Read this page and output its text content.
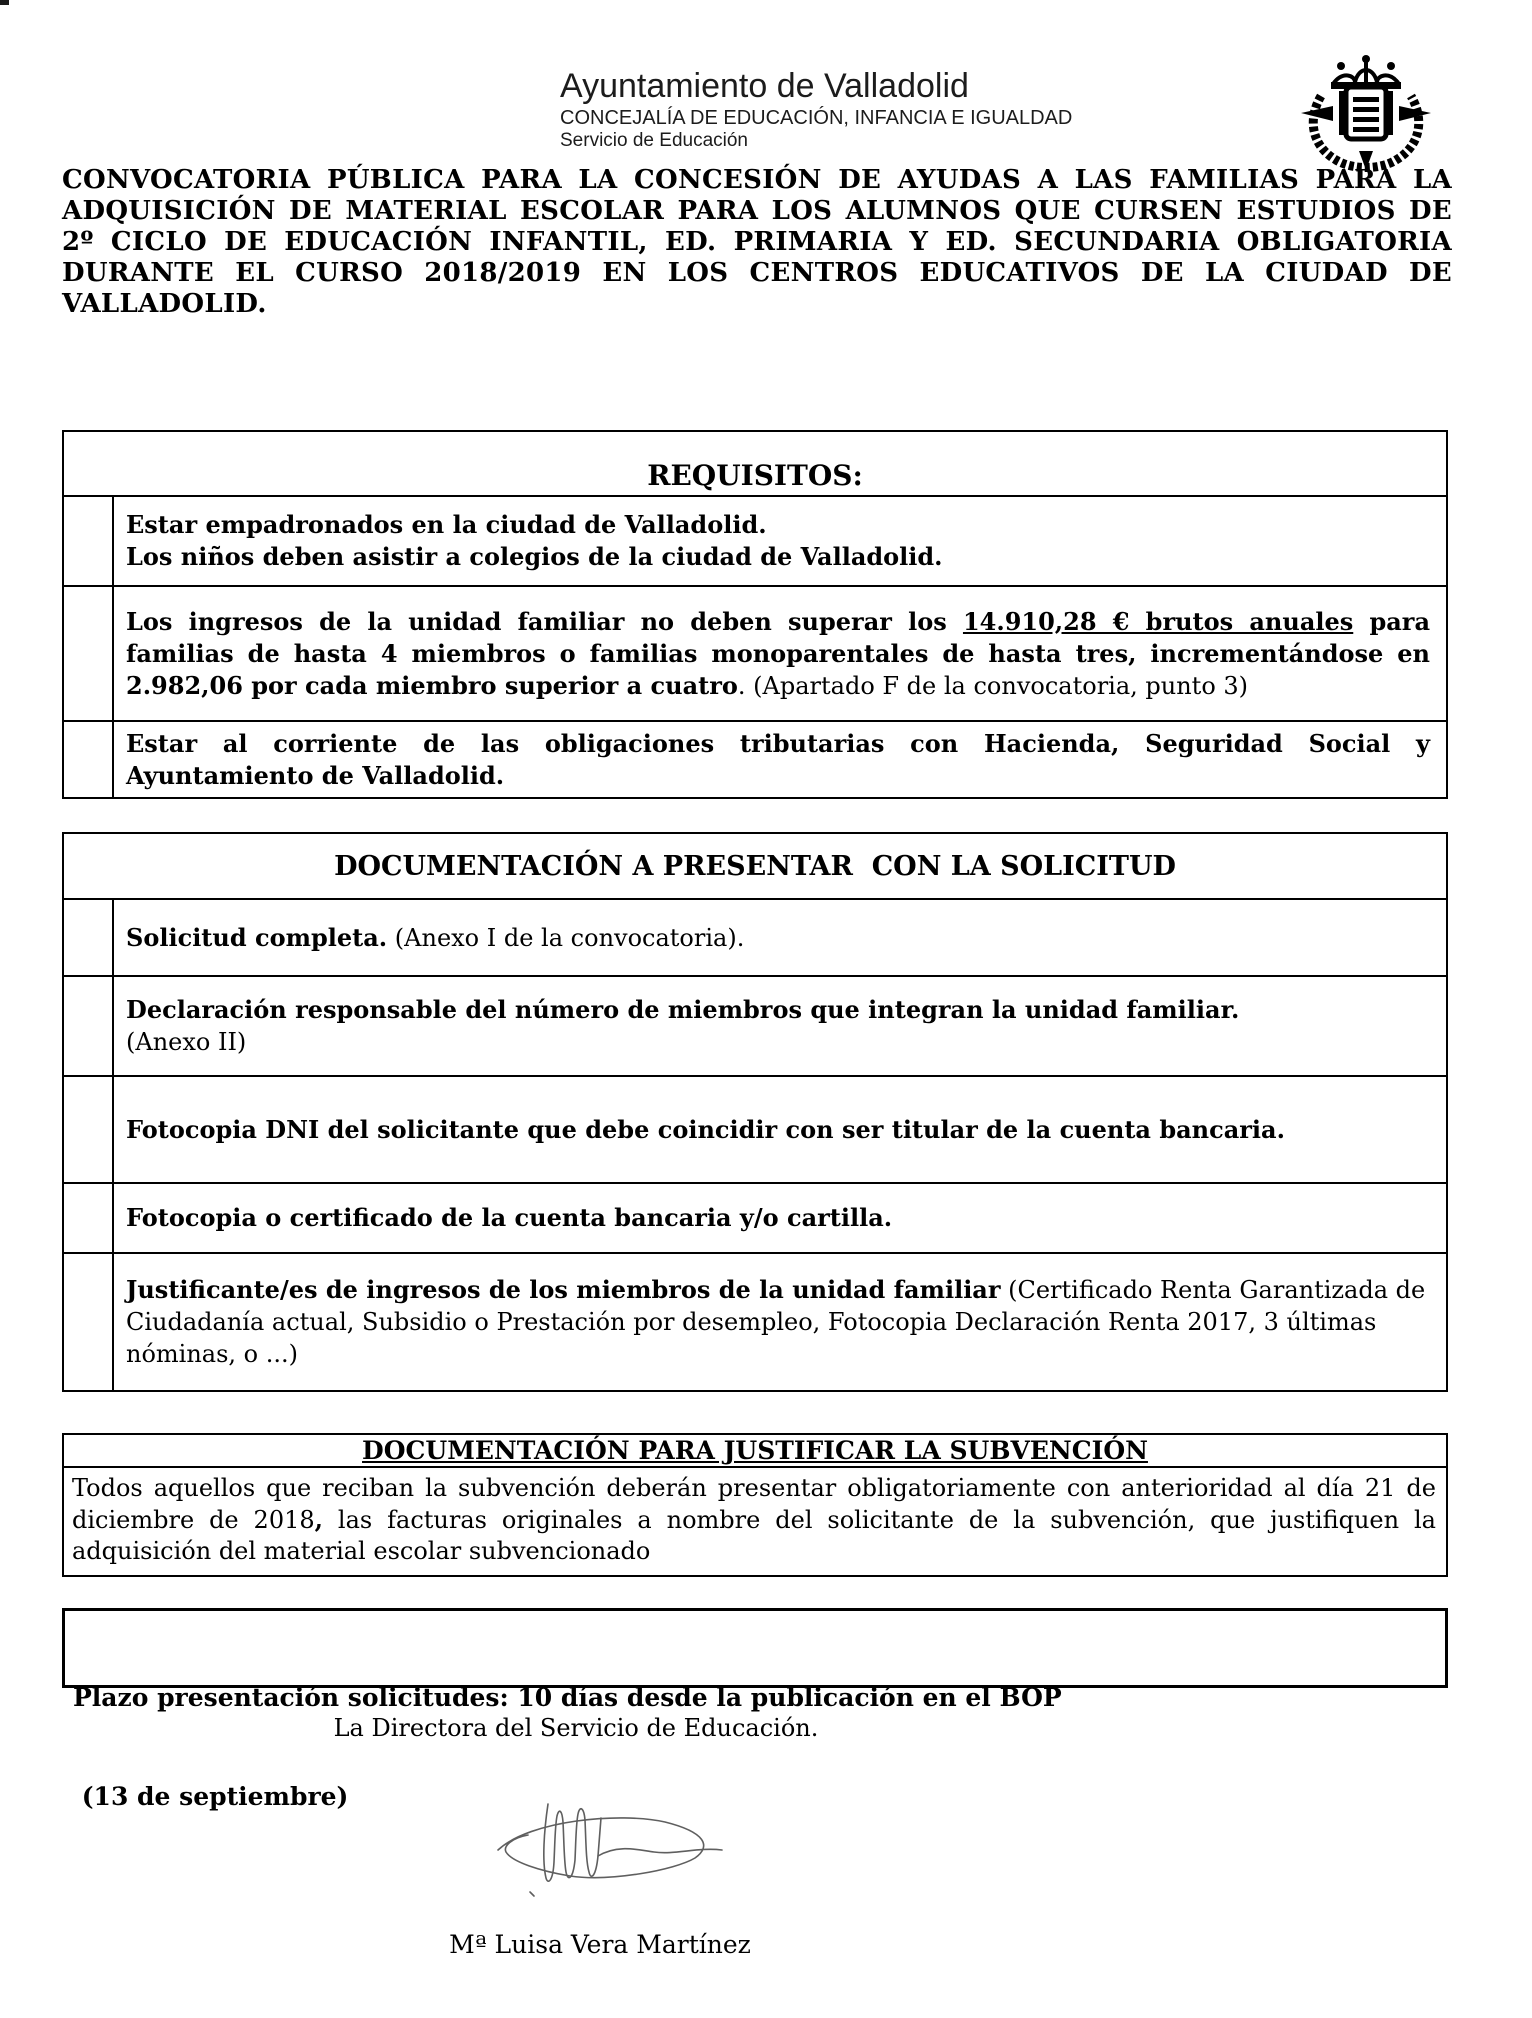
Ayuntamiento de Valladolid
CONCEJALÍA DE EDUCACIÓN, INFANCIA E IGUALDAD
Servicio de Educación
CONVOCATORIA PÚBLICA PARA LA CONCESIÓN DE AYUDAS A LAS FAMILIAS PARA LA ADQUISICIÓN DE MATERIAL ESCOLAR PARA LOS ALUMNOS QUE CURSEN ESTUDIOS DE 2º CICLO DE EDUCACIÓN INFANTIL, ED. PRIMARIA Y ED. SECUNDARIA OBLIGATORIA DURANTE EL CURSO 2018/2019 EN LOS CENTROS EDUCATIVOS DE LA CIUDAD DE VALLADOLID.
REQUISITOS:
Estar empadronados en la ciudad de Valladolid.
Los niños deben asistir a colegios de la ciudad de Valladolid.
Los ingresos de la unidad familiar no deben superar los 14.910,28 € brutos anuales para familias de hasta 4 miembros o familias monoparentales de hasta tres, incrementándose en 2.982,06 por cada miembro superior a cuatro. (Apartado F de la convocatoria, punto 3)
Estar al corriente de las obligaciones tributarias con Hacienda, Seguridad Social y Ayuntamiento de Valladolid.
DOCUMENTACIÓN A PRESENTAR  CON LA SOLICITUD
Solicitud completa. (Anexo I de la convocatoria).
Declaración responsable del número de miembros que integran la unidad familiar.
(Anexo II)
Fotocopia DNI del solicitante que debe coincidir con ser titular de la cuenta bancaria.
Fotocopia o certificado de la cuenta bancaria y/o cartilla.
Justificante/es de ingresos de los miembros de la unidad familiar (Certificado Renta Garantizada de Ciudadanía actual, Subsidio o Prestación por desempleo, Fotocopia Declaración Renta 2017, 3 últimas nóminas, o ...)
DOCUMENTACIÓN PARA JUSTIFICAR LA SUBVENCIÓN
Todos aquellos que reciban la subvención deberán presentar obligatoriamente con anterioridad al día 21 de diciembre de 2018, las facturas originales a nombre del solicitante de la subvención, que justifiquen la adquisición del material escolar subvencionado

Plazo presentación solicitudes: 10 días desde la publicación en el BOP

(13 de septiembre)

La Directora del Servicio de Educación.
Mª Luisa Vera Martínez
